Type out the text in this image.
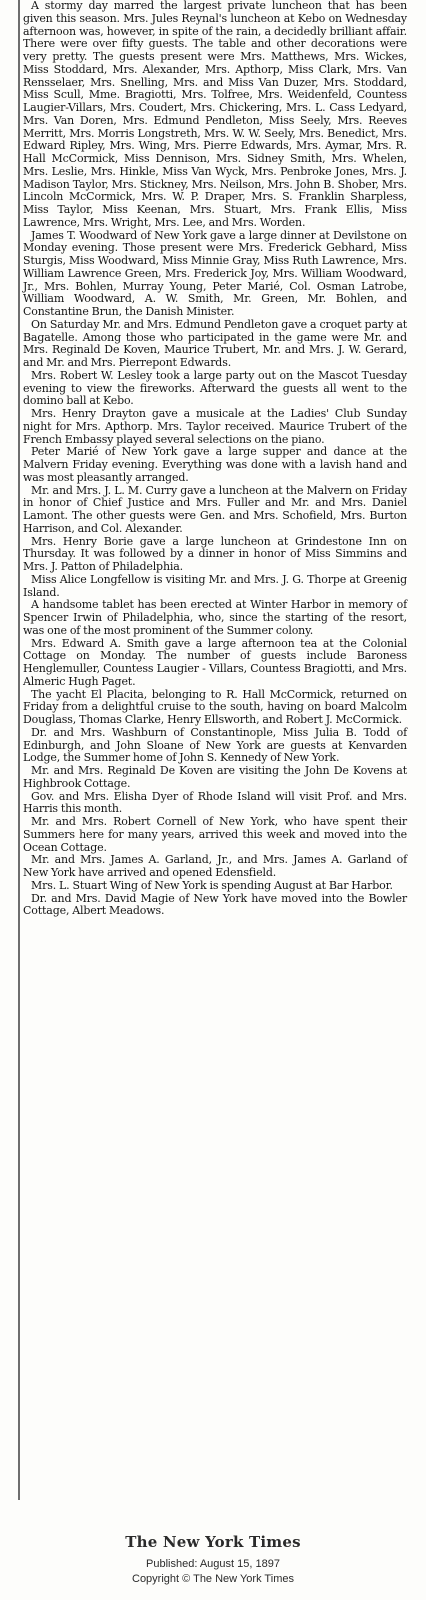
A stormy day marred the largest private luncheon that has been given this season. Mrs. Jules Reynal's luncheon at Kebo on Wednesday afternoon was, however, in spite of the rain, a decidedly brilliant affair. There were over fifty guests. The table and other decorations were very pretty. The guests present were Mrs. Matthews, Mrs. Wickes, Miss Stoddard, Mrs. Alexander, Mrs. Apthorp, Miss Clark, Mrs. Van Rensselaer, Mrs. Snelling, Mrs. and Miss Van Duzer, Mrs. Stoddard, Miss Scull, Mme. Bragiotti, Mrs. Tolfree, Mrs. Weidenfeld, Countess Laugier-Villars, Mrs. Coudert, Mrs. Chickering, Mrs. L. Cass Ledyard, Mrs. Van Doren, Mrs. Edmund Pendleton, Miss Seely, Mrs. Reeves Merritt, Mrs. Morris Longstreth, Mrs. W. W. Seely, Mrs. Benedict, Mrs. Edward Ripley, Mrs. Wing, Mrs. Pierre Edwards, Mrs. Aymar, Mrs. R. Hall McCormick, Miss Dennison, Mrs. Sidney Smith, Mrs. Whelen, Mrs. Leslie, Mrs. Hinkle, Miss Van Wyck, Mrs. Penbroke Jones, Mrs. J. Madison Taylor, Mrs. Stickney, Mrs. Neilson, Mrs. John B. Shober, Mrs. Lincoln McCormick, Mrs. W. P. Draper, Mrs. S. Franklin Sharpless, Miss Taylor, Miss Keenan, Mrs. Stuart, Mrs. Frank Ellis, Miss Lawrence, Mrs. Wright, Mrs. Lee, and Mrs. Worden.

James T. Woodward of New York gave a large dinner at Devilstone on Monday evening. Those present were Mrs. Frederick Gebhard, Miss Sturgis, Miss Woodward, Miss Minnie Gray, Miss Ruth Lawrence, Mrs. William Lawrence Green, Mrs. Frederick Joy, Mrs. William Woodward, Jr., Mrs. Bohlen, Murray Young, Peter Marié, Col. Osman Latrobe, William Woodward, A. W. Smith, Mr. Green, Mr. Bohlen, and Constantine Brun, the Danish Minister.

On Saturday Mr. and Mrs. Edmund Pendleton gave a croquet party at Bagatelle. Among those who participated in the game were Mr. and Mrs. Reginald De Koven, Maurice Trubert, Mr. and Mrs. J. W. Gerard, and Mr. and Mrs. Pierrepont Edwards.

Mrs. Robert W. Lesley took a large party out on the Mascot Tuesday evening to view the fireworks. Afterward the guests all went to the domino ball at Kebo.

Mrs. Henry Drayton gave a musicale at the Ladies' Club Sunday night for Mrs. Apthorp. Mrs. Taylor received. Maurice Trubert of the French Embassy played several selections on the piano.

Peter Marié of New York gave a large supper and dance at the Malvern Friday evening. Everything was done with a lavish hand and was most pleasantly arranged.

Mr. and Mrs. J. L. M. Curry gave a luncheon at the Malvern on Friday in honor of Chief Justice and Mrs. Fuller and Mr. and Mrs. Daniel Lamont. The other guests were Gen. and Mrs. Schofield, Mrs. Burton Harrison, and Col. Alexander.

Mrs. Henry Borie gave a large luncheon at Grindestone Inn on Thursday. It was followed by a dinner in honor of Miss Simmins and Mrs. J. Patton of Philadelphia.

Miss Alice Longfellow is visiting Mr. and Mrs. J. G. Thorpe at Greenig Island.

A handsome tablet has been erected at Winter Harbor in memory of Spencer Irwin of Philadelphia, who, since the starting of the resort, was one of the most prominent of the Summer colony.

Mrs. Edward A. Smith gave a large afternoon tea at the Colonial Cottage on Monday. The number of guests include Baroness Henglemuller, Countess Laugier - Villars, Countess Bragiotti, and Mrs. Almeric Hugh Paget.

The yacht El Placita, belonging to R. Hall McCormick, returned on Friday from a delightful cruise to the south, having on board Malcolm Douglass, Thomas Clarke, Henry Ellsworth, and Robert J. McCormick.

Dr. and Mrs. Washburn of Constantinople, Miss Julia B. Todd of Edinburgh, and John Sloane of New York are guests at Kenvarden Lodge, the Summer home of John S. Kennedy of New York.

Mr. and Mrs. Reginald De Koven are visiting the John De Kovens at Highbrook Cottage.

Gov. and Mrs. Elisha Dyer of Rhode Island will visit Prof. and Mrs. Harris this month.

Mr. and Mrs. Robert Cornell of New York, who have spent their Summers here for many years, arrived this week and moved into the Ocean Cottage.

Mr. and Mrs. James A. Garland, Jr., and Mrs. James A. Garland of New York have arrived and opened Edensfield.

Mrs. L. Stuart Wing of New York is spending August at Bar Harbor.

Dr. and Mrs. David Magie of New York have moved into the Bowler Cottage, Albert Meadows.

The New York Times
Published: August 15, 1897
Copyright © The New York Times
